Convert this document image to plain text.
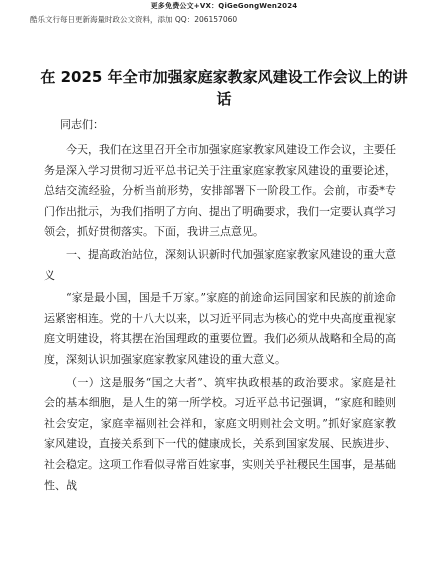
更多免费公文+VX：QiGeGongWen2024
酷乐文行每日更新海量时政公文资料，添加 QQ：206157060
在 2025 年全市加强家庭家教家风建设工作会议上的讲话
同志们：

今天，我们在这里召开全市加强家庭家教家风建设工作会议，主要任务是深入学习贯彻习近平总书记关于注重家庭家教家风建设的重要论述，总结交流经验，分析当前形势，安排部署下一阶段工作。会前，市委*专门作出批示，为我们指明了方向、提出了明确要求，我们一定要认真学习领会，抓好贯彻落实。下面，我讲三点意见。

一、提高政治站位，深刻认识新时代加强家庭家教家风建设的重大意义

“家是最小国，国是千万家。”家庭的前途命运同国家和民族的前途命运紧密相连。党的十八大以来，以习近平同志为核心的党中央高度重视家庭文明建设，将其摆在治国理政的重要位置。我们必须从战略和全局的高度，深刻认识加强家庭家教家风建设的重大意义。

（一）这是服务“国之大者”、筑牢执政根基的政治要求。家庭是社会的基本细胞，是人生的第一所学校。习近平总书记强调，“家庭和睦则社会安定，家庭幸福则社会祥和，家庭文明则社会文明。”抓好家庭家教家风建设，直接关系到下一代的健康成长，关系到国家发展、民族进步、社会稳定。这项工作看似寻常百姓家事，实则关乎社稷民生国事，是基础性、战
